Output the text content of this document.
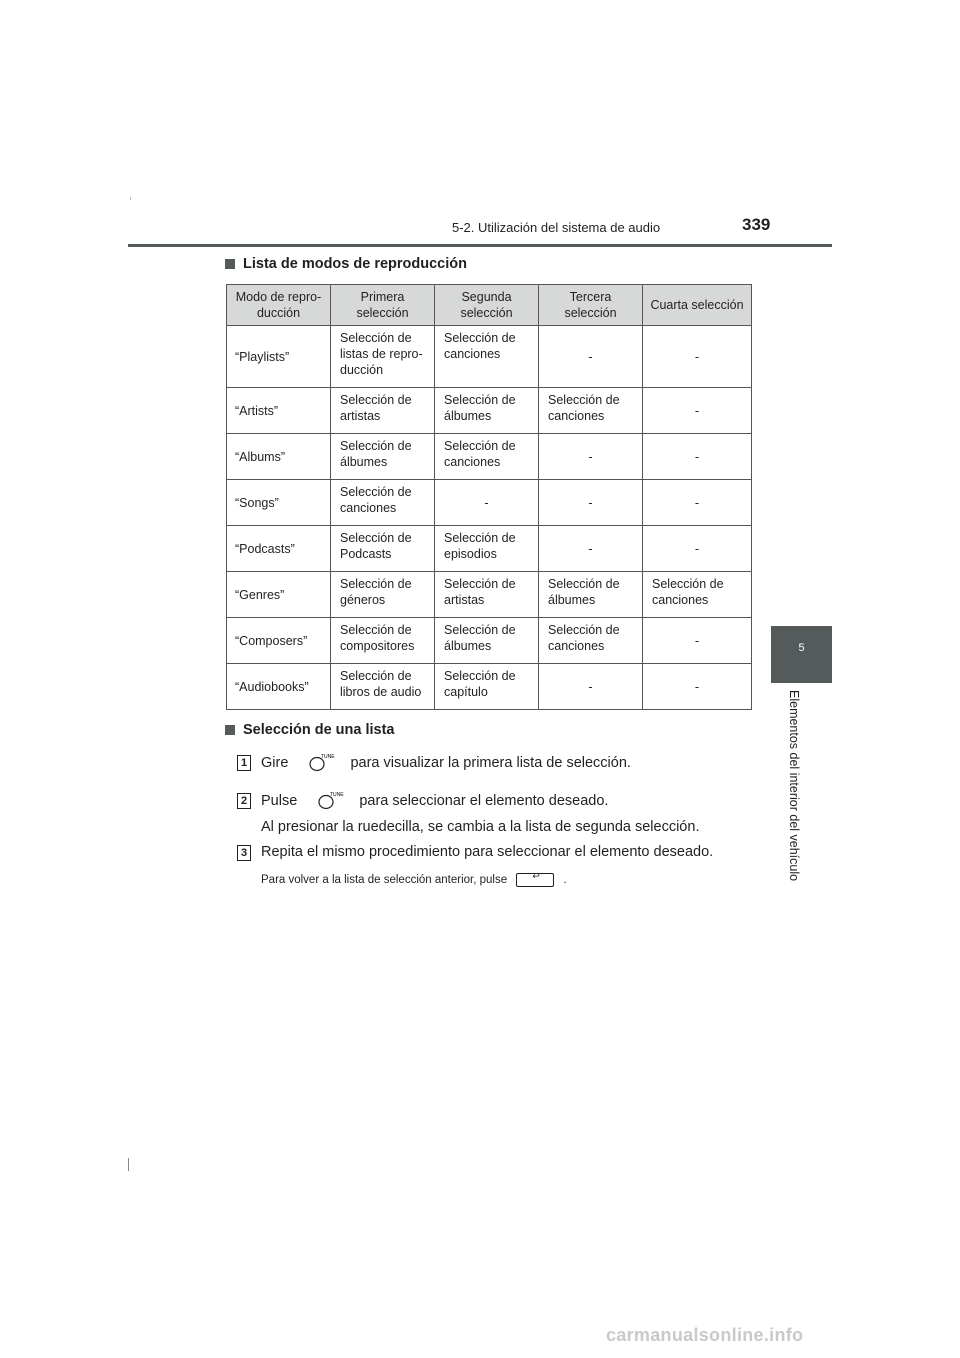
5-2. Utilización del sistema de audio	339
5
Elementos del interior del vehículo
Lista de modos de reproducción
Modo de repro-ducción	Primera selección	Segunda selección	Tercera selección	Cuarta selección
“Playlists”	Selección de listas de repro-ducción	Selección de canciones	-	-
“Artists”	Selección de artistas	Selección de álbumes	Selección de canciones	-
“Albums”	Selección de álbumes	Selección de canciones	-	-
“Songs”	Selección de canciones	-	-	-
“Podcasts”	Selección de Podcasts	Selección de episodios	-	-
“Genres”	Selección de géneros	Selección de artistas	Selección de álbumes	Selección de canciones
“Composers”	Selección de compositores	Selección de álbumes	Selección de canciones	-
“Audiobooks”	Selección de libros de audio	Selección de capítulo	-	-
Selección de una lista
1 Gire	TUNE para visualizar la primera lista de selección.
2 Pulse	TUNE para seleccionar el elemento deseado.
Al presionar la ruedecilla, se cambia a la lista de segunda selección.
3 Repita el mismo procedimiento para seleccionar el elemento deseado.
Para volver a la lista de selección anterior, pulse	↩ .
carmanualsonline.info
